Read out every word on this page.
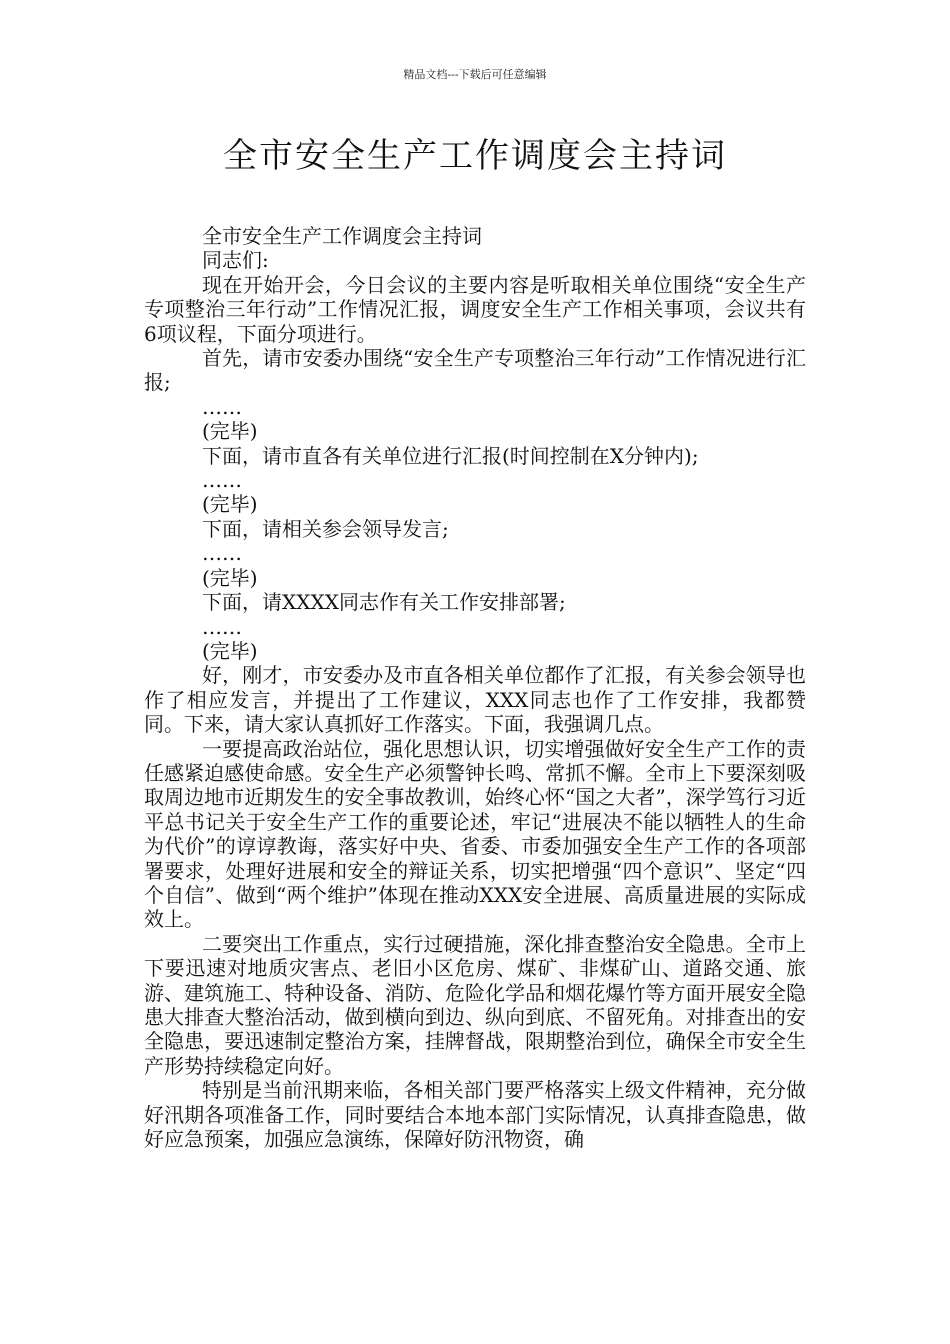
精品文档---下载后可任意编辑
全市安全生产工作调度会主持词

全市安全生产工作调度会主持词

同志们:

现在开始开会，今日会议的主要内容是听取相关单位围绕“安全生产专项整治三年行动”工作情况汇报，调度安全生产工作相关事项，会议共有6项议程，下面分项进行。

首先，请市安委办围绕“安全生产专项整治三年行动”工作情况进行汇报;

……

(完毕)

下面，请市直各有关单位进行汇报(时间控制在X分钟内);

……

(完毕)

下面，请相关参会领导发言;

……

(完毕)

下面，请XXXX同志作有关工作安排部署;

……

(完毕)

好，刚才，市安委办及市直各相关单位都作了汇报，有关参会领导也作了相应发言，并提出了工作建议，XXX同志也作了工作安排，我都赞同。下来，请大家认真抓好工作落实。下面，我强调几点。

一要提高政治站位，强化思想认识，切实增强做好安全生产工作的责任感紧迫感使命感。安全生产必须警钟长鸣、常抓不懈。全市上下要深刻吸取周边地市近期发生的安全事故教训，始终心怀“国之大者”，深学笃行习近平总书记关于安全生产工作的重要论述，牢记“进展决不能以牺牲人的生命为代价”的谆谆教诲，落实好中央、省委、市委加强安全生产工作的各项部署要求，处理好进展和安全的辩证关系，切实把增强“四个意识”、坚定“四个自信”、做到“两个维护”体现在推动XXX安全进展、高质量进展的实际成效上。

二要突出工作重点，实行过硬措施，深化排查整治安全隐患。全市上下要迅速对地质灾害点、老旧小区危房、煤矿、非煤矿山、道路交通、旅游、建筑施工、特种设备、消防、危险化学品和烟花爆竹等方面开展安全隐患大排查大整治活动，做到横向到边、纵向到底、不留死角。对排查出的安全隐患，要迅速制定整治方案，挂牌督战，限期整治到位，确保全市安全生产形势持续稳定向好。

特别是当前汛期来临，各相关部门要严格落实上级文件精神，充分做好汛期各项准备工作，同时要结合本地本部门实际情况，认真排查隐患，做好应急预案，加强应急演练，保障好防汛物资，确
